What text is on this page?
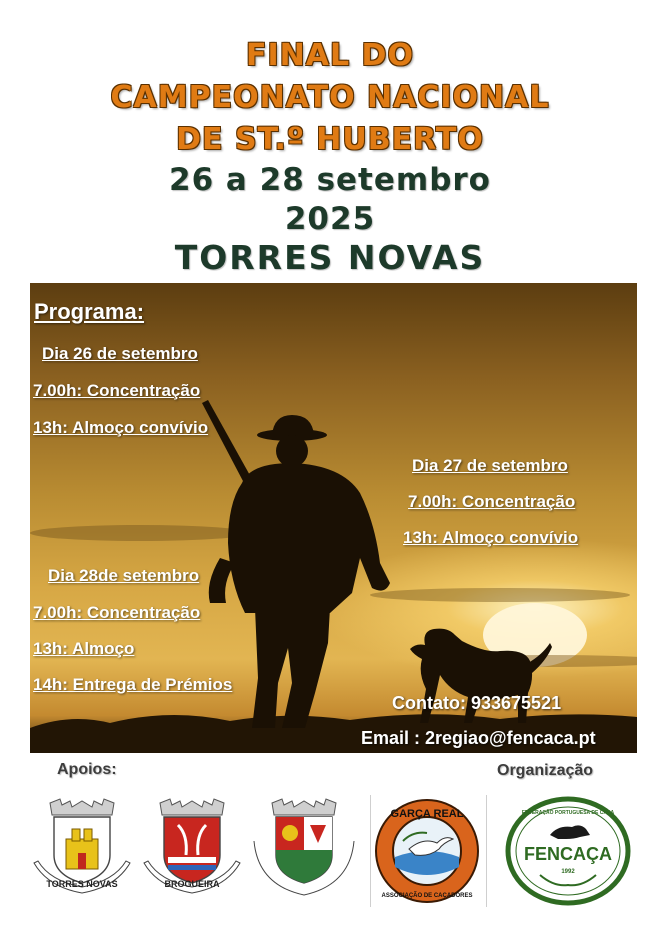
FINAL DO
CAMPEONATO NACIONAL
DE ST.º HUBERTO
26 a 28 setembro
2025
TORRES NOVAS
Programa:
Dia 26 de setembro
7.00h: Concentração
13h: Almoço convívio
Dia 27 de setembro
7.00h: Concentração
13h: Almoço convívio
Dia 28de setembro
7.00h: Concentração
13h: Almoço
14h: Entrega de Prémios
Contato: 933675521
Email : 2regiao@fencaca.pt
Apoios:	Organização
TORRES NOVAS	BROGUEIRA
GARÇA REAL
ASSOCIAÇÃO DE CAÇADORES
FENCAÇA
FEDERAÇÃO PORTUGUESA DE CAÇA
1992
